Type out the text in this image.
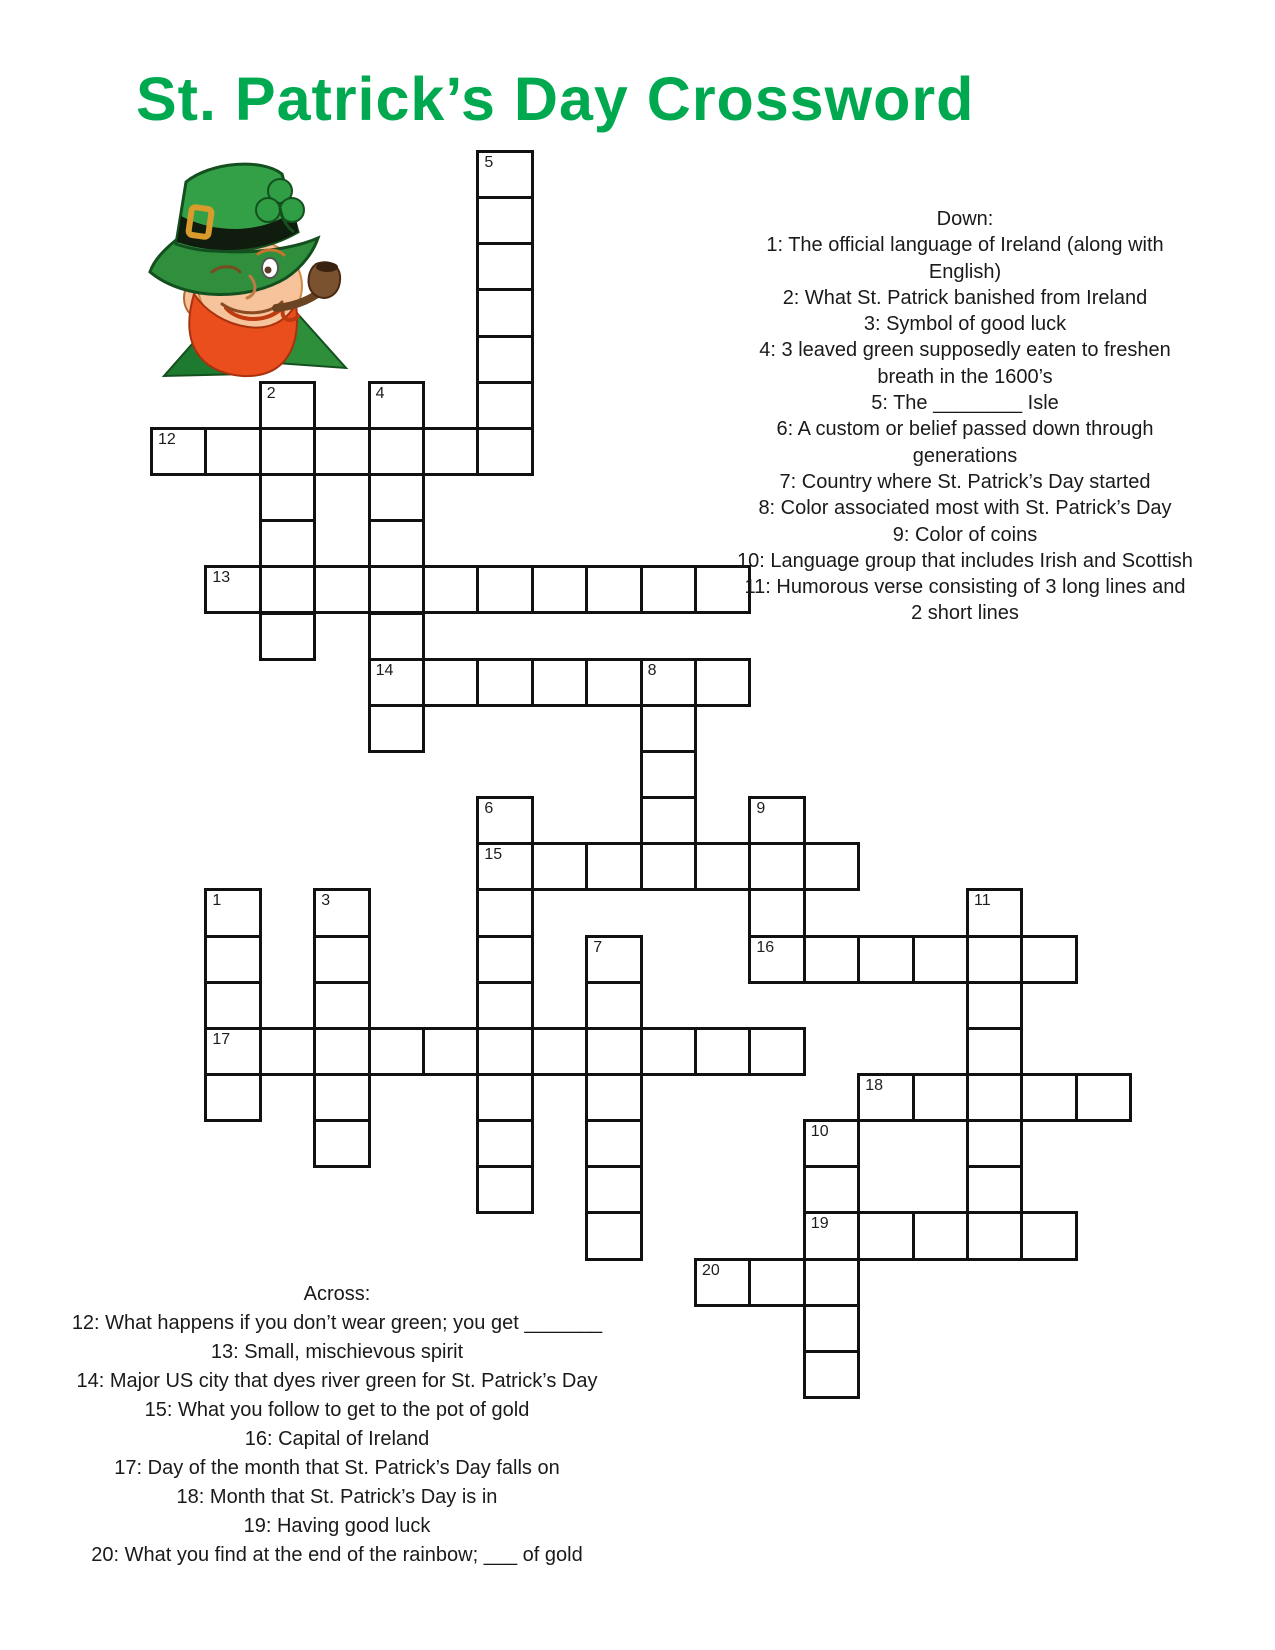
St. Patrick’s Day Crossword
5
2	4
12
13
14	8
6	9
15
1	3	11
7	16
17
18
10
19
20
Down:
1: The official language of Ireland (along with English)
2: What St. Patrick banished from Ireland
3: Symbol of good luck
4: 3 leaved green supposedly eaten to freshen breath in the 1600’s
5: The ________ Isle
6: A custom or belief passed down through generations
7: Country where St. Patrick’s Day started
8: Color associated most with St. Patrick’s Day
9: Color of coins
10: Language group that includes Irish and Scottish
11: Humorous verse consisting of 3 long lines and 2 short lines
Across:
12: What happens if you don’t wear green; you get _______
13: Small, mischievous spirit
14: Major US city that dyes river green for St. Patrick’s Day
15: What you follow to get to the pot of gold
16: Capital of Ireland
17: Day of the month that St. Patrick’s Day falls on
18: Month that St. Patrick’s Day is in
19: Having good luck
20: What you find at the end of the rainbow; ___ of gold
